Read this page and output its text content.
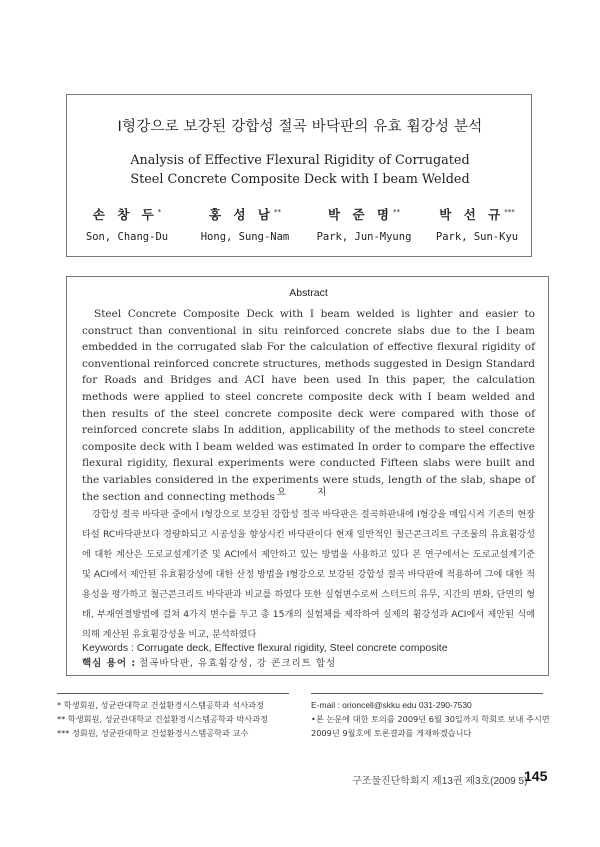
I형강으로 보강된 강합성 절곡 바닥판의 유효 휨강성 분석
Analysis of Effective Flexural Rigidity of Corrugated
Steel Concrete Composite Deck with I beam Welded
손 창 두*
Son, Chang-Du
홍 성 남**
Hong, Sung-Nam
박 준 명**
Park, Jun-Myung
박 선 규***
Park, Sun-Kyu
Abstract
Steel Concrete Composite Deck with I beam welded is lighter and easier to construct than conventional in situ reinforced concrete slabs due to the I beam embedded in the corrugated slab For the calculation of effective flexural rigidity of conventional reinforced concrete structures, methods suggested in Design Standard for Roads and Bridges and ACI have been used In this paper, the calculation methods were applied to steel concrete composite deck with I beam welded and then results of the steel concrete composite deck were compared with those of reinforced concrete slabs In addition, applicability of the methods to steel concrete composite deck with I beam welded was estimated In order to compare the effective flexural rigidity, flexural experiments were conducted Fifteen slabs were built and the variables considered in the experiments were studs, length of the slab, shape of the section and connecting methods 요 지
강합성 절곡 바닥판 중에서 I형강으로 보강된 강합성 절곡 바닥판은 절곡하판내에 I형강을 매입시켜 기존의 현장타설 RC바닥판보다 경량화되고 시공성을 향상시킨 바닥판이다 현재 일반적인 철근콘크리트 구조물의 유효휨강성에 대한 계산은 도로교설계기준 및 ACI에서 제안하고 있는 방법을 사용하고 있다 본 연구에서는 도로교설계기준 및 ACI에서 제안된 유효휨강성에 대한 산정 방법을 I형강으로 보강된 강합성 절곡 바닥판에 적용하여 그에 대한 적용성을 평가하고 철근콘크리트 바닥판과 비교를 하였다 또한 실험변수로써 스터드의 유무, 지간의 변화, 단면의 형태, 부재연결방법에 걸쳐 4가지 변수를 두고 총 15개의 실험체를 제작하여 실제의 휨강성과 ACI에서 제안된 식에 의해 계산된 유효휨강성을 비교, 분석하였다
Keywords : Corrugate deck, Effective flexural rigidity, Steel concrete composite
핵심 용어 : 절곡바닥판, 유효휨강성, 강 콘크리트 합성
* 학생회원, 성균관대학교 건설환경시스템공학과 석사과정
** 학생회원, 성균관대학교 건설환경시스템공학과 박사과정
*** 정회원, 성균관대학교 건설환경시스템공학과 교수
E-mail : orioncell@skku edu 031-290-7530
•본 논문에 대한 토의를 2009년 6월 30일까지 학회로 보내 주시면 2009년 9월호에 토론결과를 게재하겠습니다
구조물진단학회지 제13권 제3호(2009 5)
145
